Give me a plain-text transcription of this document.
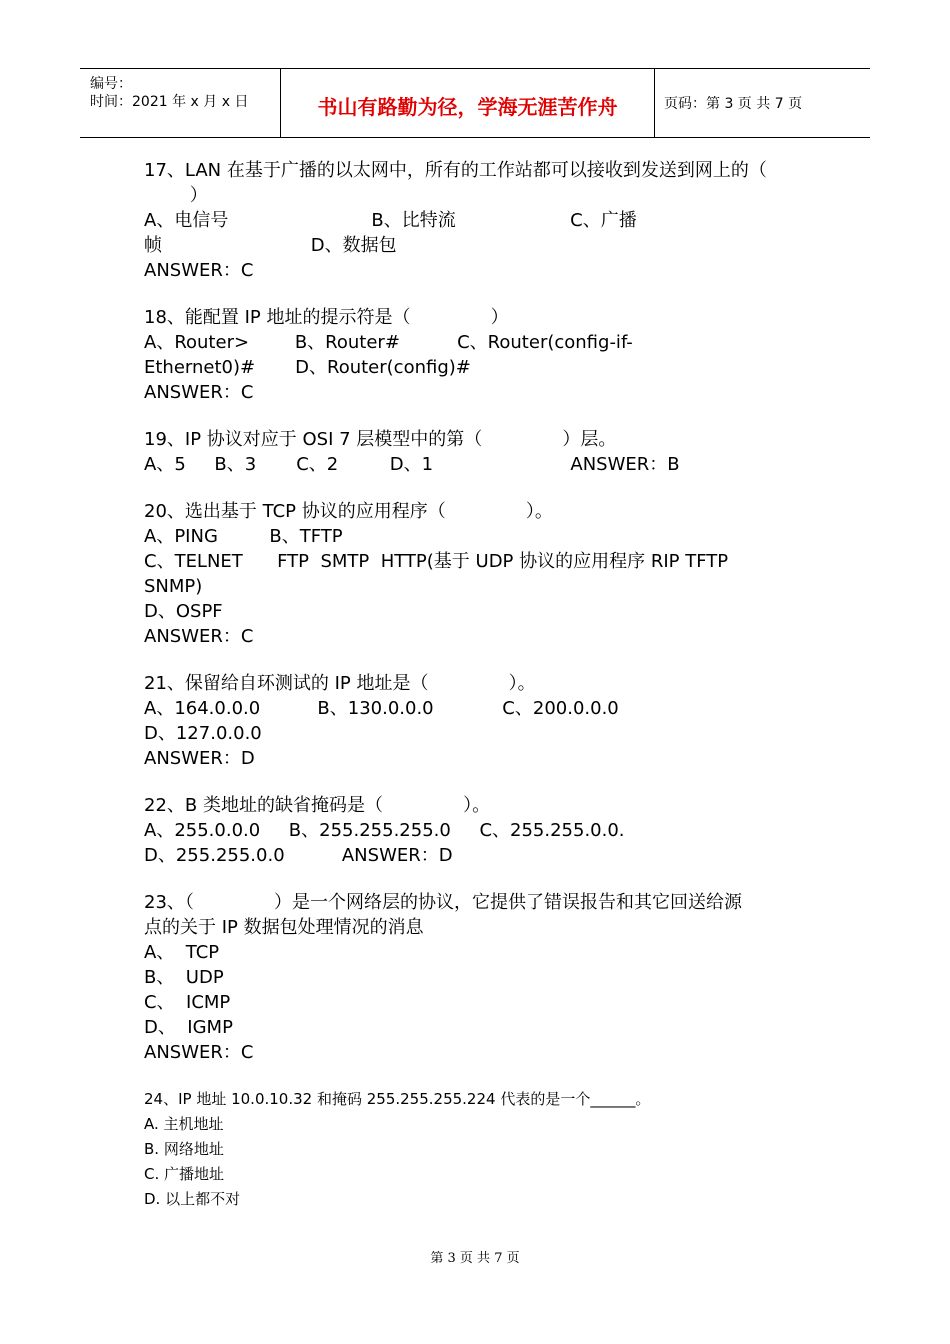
编号：
时间：2021 年 x 月 x 日	书山有路勤为径，学海无涯苦作舟	页码：第 3 页 共 7 页
17、LAN 在基于广播的以太网中，所有的工作站都可以接收到发送到网上的（
）
A、电信号                         B、比特流                    C、广播
帧                          D、数据包
ANSWER：C
18、能配置 IP 地址的提示符是（              ）
A、Router>        B、Router#          C、Router(config-if-
Ethernet0)#       D、Router(config)#
ANSWER：C
19、IP 协议对应于 OSI 7 层模型中的第（              ）层。
A、5     B、3       C、2         D、1                        ANSWER：B
20、选出基于 TCP 协议的应用程序（              ）。
A、PING         B、TFTP
C、TELNET      FTP  SMTP  HTTP(基于 UDP 协议的应用程序 RIP TFTP
SNMP)
D、OSPF
ANSWER：C
21、保留给自环测试的 IP 地址是（              ）。
A、164.0.0.0          B、130.0.0.0            C、200.0.0.0
D、127.0.0.0
ANSWER：D
22、B 类地址的缺省掩码是（              ）。
A、255.0.0.0     B、255.255.255.0     C、255.255.0.0.
D、255.255.0.0          ANSWER：D
23、（              ）是一个网络层的协议，它提供了错误报告和其它回送给源
点的关于 IP 数据包处理情况的消息
A、  TCP
B、  UDP
C、  ICMP
D、  IGMP
ANSWER：C
24、IP 地址 10.0.10.32 和掩码 255.255.255.224 代表的是一个______。
A. 主机地址
B. 网络地址
C. 广播地址
D. 以上都不对
第 3 页 共 7 页
